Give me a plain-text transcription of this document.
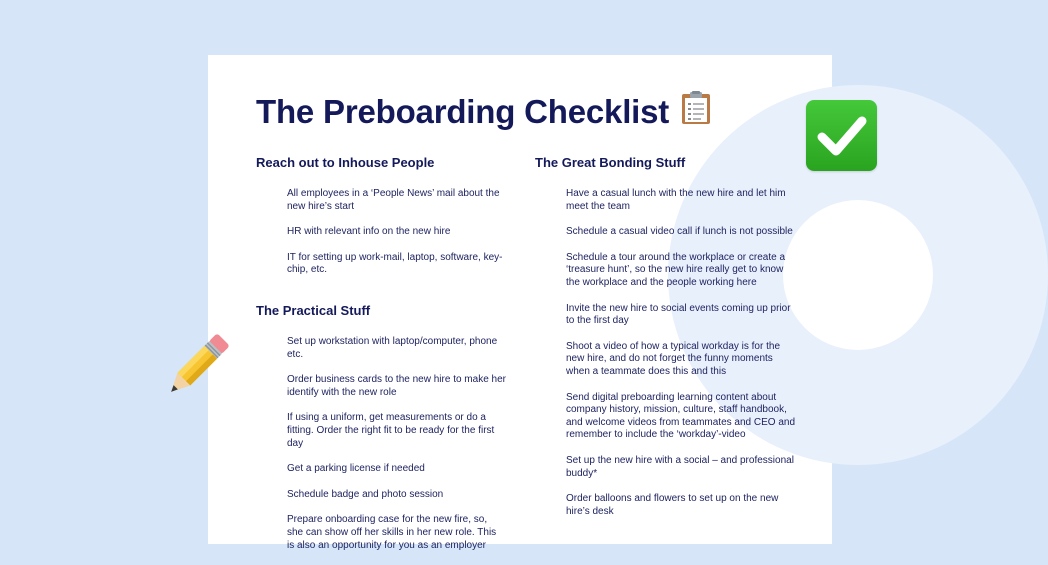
The Preboarding Checklist
Reach out to Inhouse People
All employees in a ‘People News’ mail about the new hire’s start
HR with relevant info on the new hire
IT for setting up work-mail, laptop, software, key-chip, etc.
The Practical Stuff
Set up workstation with laptop/computer, phone etc.
Order business cards to the new hire to make her identify with the new role
If using a uniform, get measurements or do a fitting. Order the right fit to be ready for the first day
Get a parking license if needed
Schedule badge and photo session
Prepare onboarding case for the new fire, so, she can show off her skills in her new role. This is also an opportunity for you as an employer
The Great Bonding Stuff
Have a casual lunch with the new hire and let him meet the team
Schedule a casual video call if lunch is not possible
Schedule a tour around the workplace or create a ‘treasure hunt’, so the new hire really get to know the workplace and the people working here
Invite the new hire to social events coming up prior to the first day
Shoot a video of how a typical workday is for the new hire, and do not forget the funny moments when a teammate does this and this
Send digital preboarding learning content about company history, mission, culture, staff handbook, and welcome videos from teammates and CEO and remember to include the ‘workday’-video
Set up the new hire with a social – and professional buddy*
Order balloons and flowers to set up on the new hire’s desk
